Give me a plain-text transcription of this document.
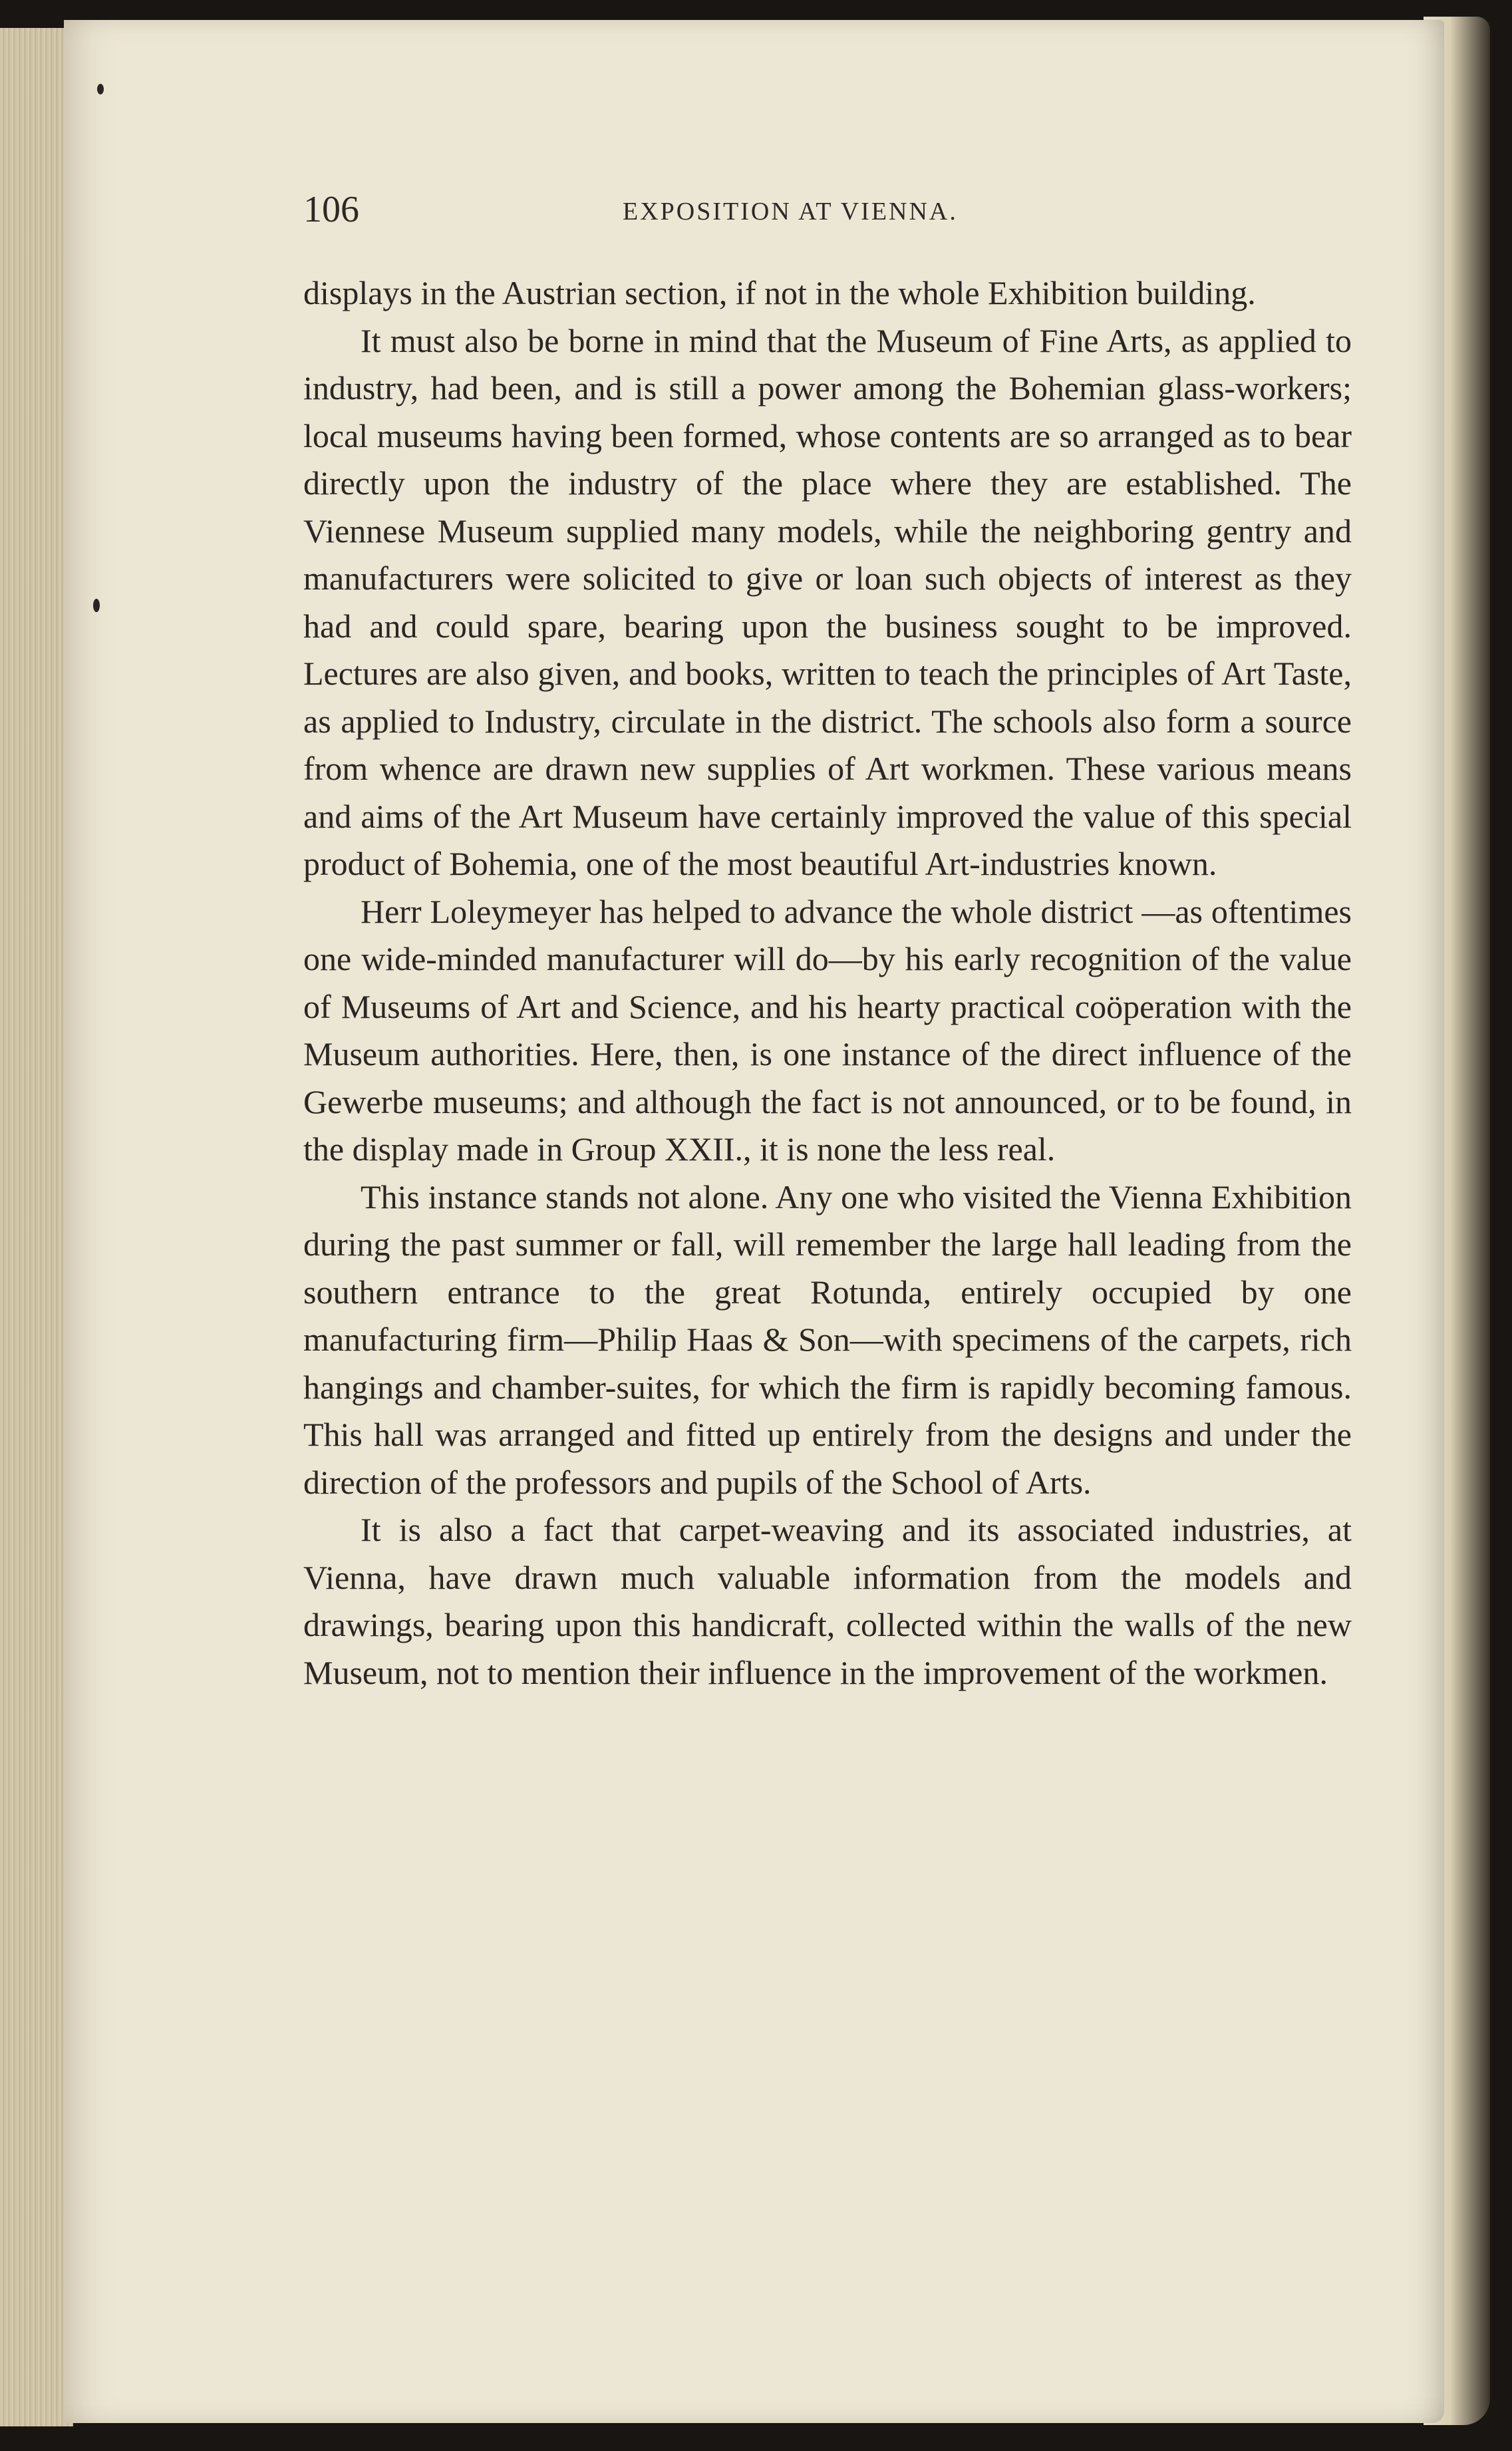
106	EXPOSITION AT VIENNA.

displays in the Austrian section, if not in the whole Exhibition building.

It must also be borne in mind that the Museum of Fine Arts, as applied to industry, had been, and is still a power among the Bohemian glass-workers; local museums having been formed, whose contents are so arranged as to bear directly upon the industry of the place where they are established. The Viennese Museum supplied many models, while the neighboring gentry and manufacturers were solicited to give or loan such objects of interest as they had and could spare, bearing upon the business sought to be improved. Lectures are also given, and books, written to teach the principles of Art Taste, as applied to Industry, circulate in the district. The schools also form a source from whence are drawn new supplies of Art workmen. These various means and aims of the Art Museum have certainly improved the value of this special product of Bohemia, one of the most beautiful Art-industries known.

Herr Loleymeyer has helped to advance the whole district —as oftentimes one wide-minded manufacturer will do—by his early recognition of the value of Museums of Art and Science, and his hearty practical coöperation with the Museum authorities. Here, then, is one instance of the direct influence of the Gewerbe museums; and although the fact is not announced, or to be found, in the display made in Group XXII., it is none the less real.

This instance stands not alone. Any one who visited the Vienna Exhibition during the past summer or fall, will remember the large hall leading from the southern entrance to the great Rotunda, entirely occupied by one manufacturing firm—Philip Haas & Son—with specimens of the carpets, rich hangings and chamber-suites, for which the firm is rapidly becoming famous. This hall was arranged and fitted up entirely from the designs and under the direction of the professors and pupils of the School of Arts.

It is also a fact that carpet-weaving and its associated industries, at Vienna, have drawn much valuable information from the models and drawings, bearing upon this handicraft, collected within the walls of the new Museum, not to mention their influence in the improvement of the workmen.
